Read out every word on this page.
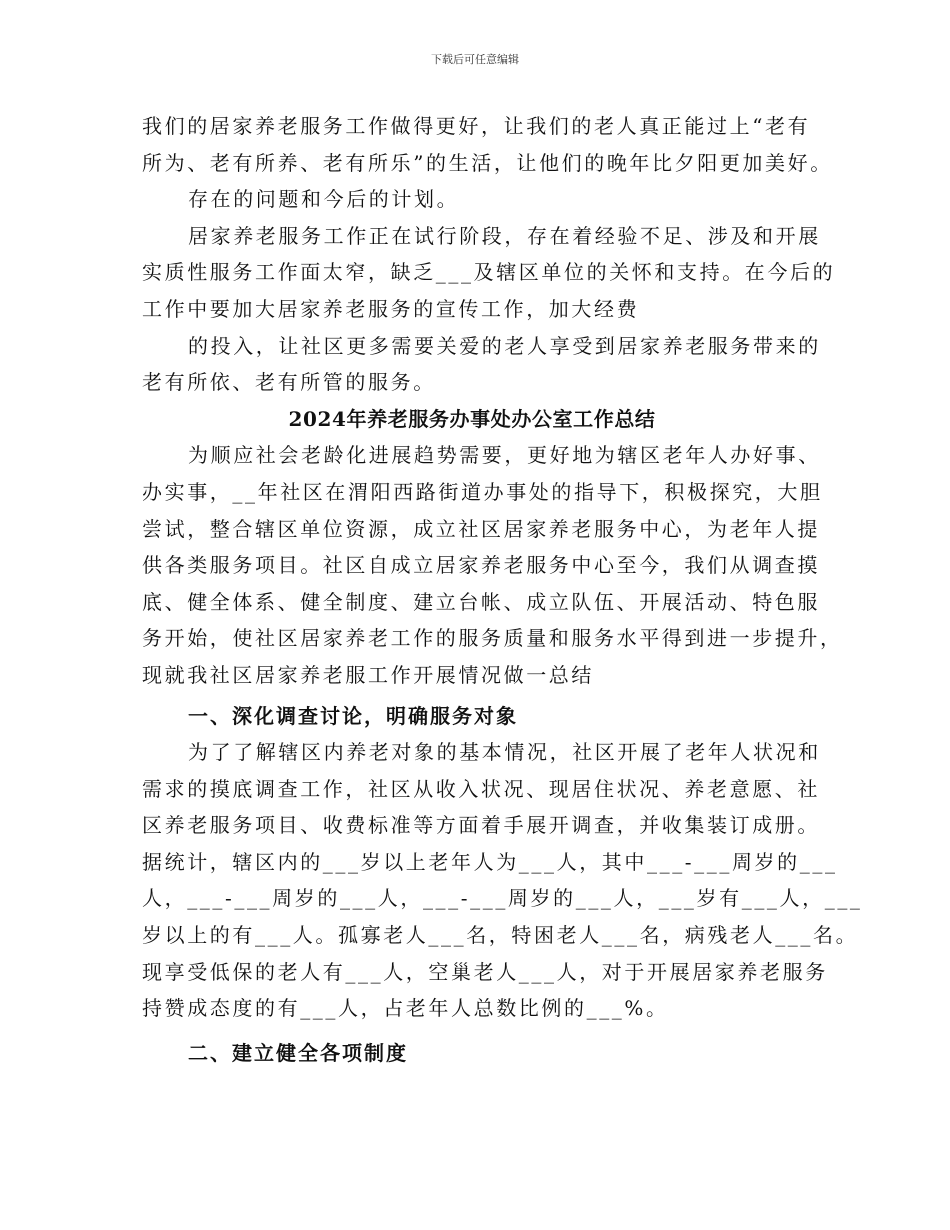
下载后可任意编辑
我们的居家养老服务工作做得更好，让我们的老人真正能过上“老有
所为、老有所养、老有所乐”的生活，让他们的晚年比夕阳更加美好。
存在的问题和今后的计划。
居家养老服务工作正在试行阶段，存在着经验不足、涉及和开展
实质性服务工作面太窄，缺乏___及辖区单位的关怀和支持。在今后的
工作中要加大居家养老服务的宣传工作，加大经费
的投入，让社区更多需要关爱的老人享受到居家养老服务带来的
老有所依、老有所管的服务。
2024年养老服务办事处办公室工作总结
为顺应社会老龄化进展趋势需要，更好地为辖区老年人办好事、
办实事，__年社区在渭阳西路街道办事处的指导下，积极探究，大胆
尝试，整合辖区单位资源，成立社区居家养老服务中心，为老年人提
供各类服务项目。社区自成立居家养老服务中心至今，我们从调查摸
底、健全体系、健全制度、建立台帐、成立队伍、开展活动、特色服
务开始，使社区居家养老工作的服务质量和服务水平得到进一步提升，
现就我社区居家养老服工作开展情况做一总结
一、深化调查讨论，明确服务对象
为了了解辖区内养老对象的基本情况，社区开展了老年人状况和
需求的摸底调查工作，社区从收入状况、现居住状况、养老意愿、社
区养老服务项目、收费标准等方面着手展开调查，并收集装订成册。
据统计，辖区内的___岁以上老年人为___人，其中___-___周岁的___
人，___-___周岁的___人，___-___周岁的___人，___岁有___人，___
岁以上的有___人。孤寡老人___名，特困老人___名，病残老人___名。
现享受低保的老人有___人，空巢老人___人，对于开展居家养老服务
持赞成态度的有___人，占老年人总数比例的___%。
二、建立健全各项制度
